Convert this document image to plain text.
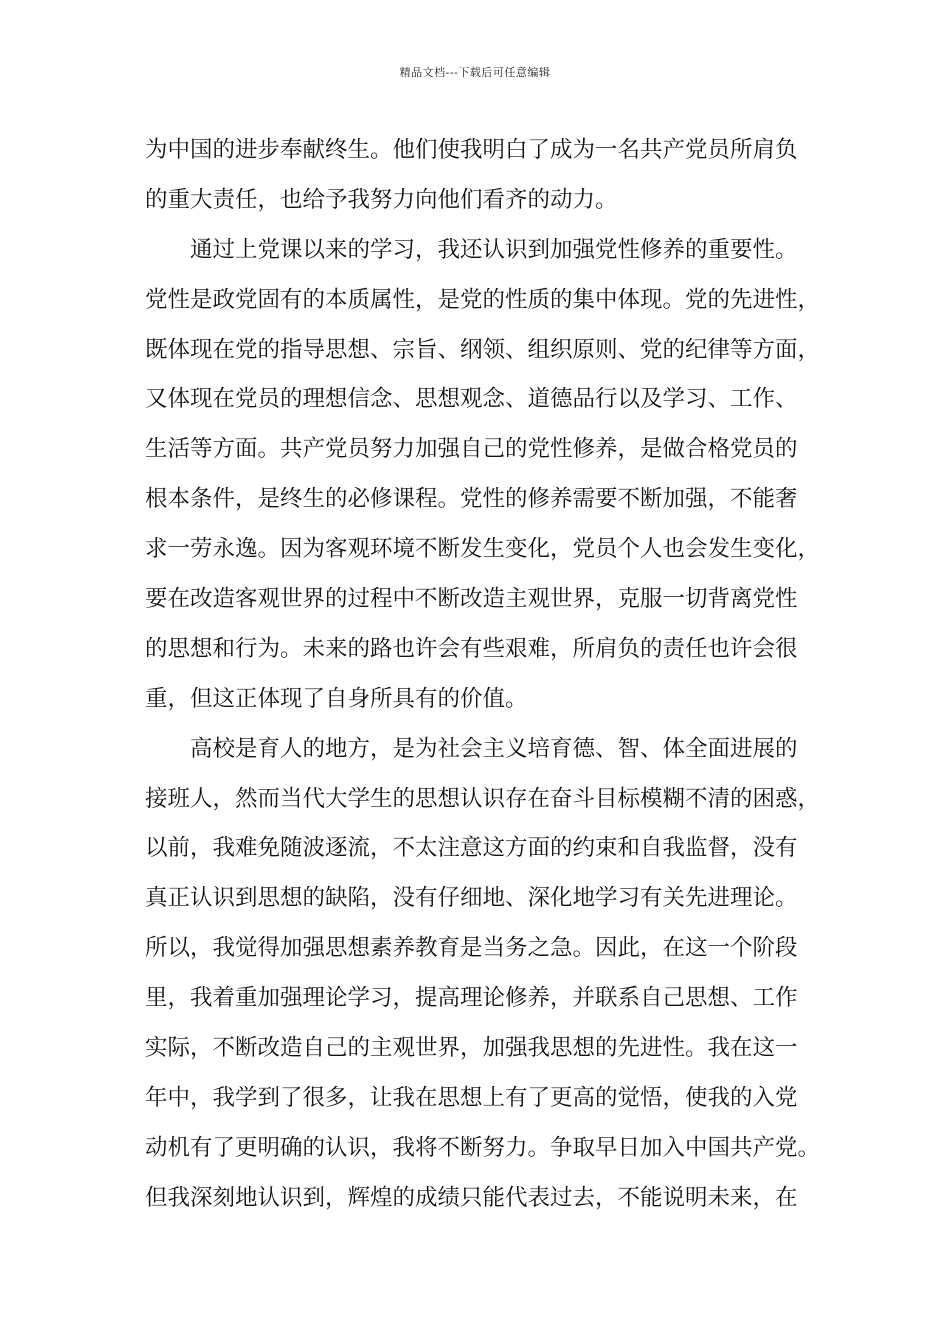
精品文档---下载后可任意编辑
为中国的进步奉献终生。他们使我明白了成为一名共产党员所肩负
的重大责任，也给予我努力向他们看齐的动力。
通过上党课以来的学习，我还认识到加强党性修养的重要性。
党性是政党固有的本质属性，是党的性质的集中体现。党的先进性，
既体现在党的指导思想、宗旨、纲领、组织原则、党的纪律等方面，
又体现在党员的理想信念、思想观念、道德品行以及学习、工作、
生活等方面。共产党员努力加强自己的党性修养，是做合格党员的
根本条件，是终生的必修课程。党性的修养需要不断加强，不能奢
求一劳永逸。因为客观环境不断发生变化，党员个人也会发生变化，
要在改造客观世界的过程中不断改造主观世界，克服一切背离党性
的思想和行为。未来的路也许会有些艰难，所肩负的责任也许会很
重，但这正体现了自身所具有的价值。
高校是育人的地方，是为社会主义培育德、智、体全面进展的
接班人，然而当代大学生的思想认识存在奋斗目标模糊不清的困惑，
以前，我难免随波逐流，不太注意这方面的约束和自我监督，没有
真正认识到思想的缺陷，没有仔细地、深化地学习有关先进理论。
所以，我觉得加强思想素养教育是当务之急。因此，在这一个阶段
里，我着重加强理论学习，提高理论修养，并联系自己思想、工作
实际，不断改造自己的主观世界，加强我思想的先进性。我在这一
年中，我学到了很多，让我在思想上有了更高的觉悟，使我的入党
动机有了更明确的认识，我将不断努力。争取早日加入中国共产党。
但我深刻地认识到，辉煌的成绩只能代表过去，不能说明未来，在
